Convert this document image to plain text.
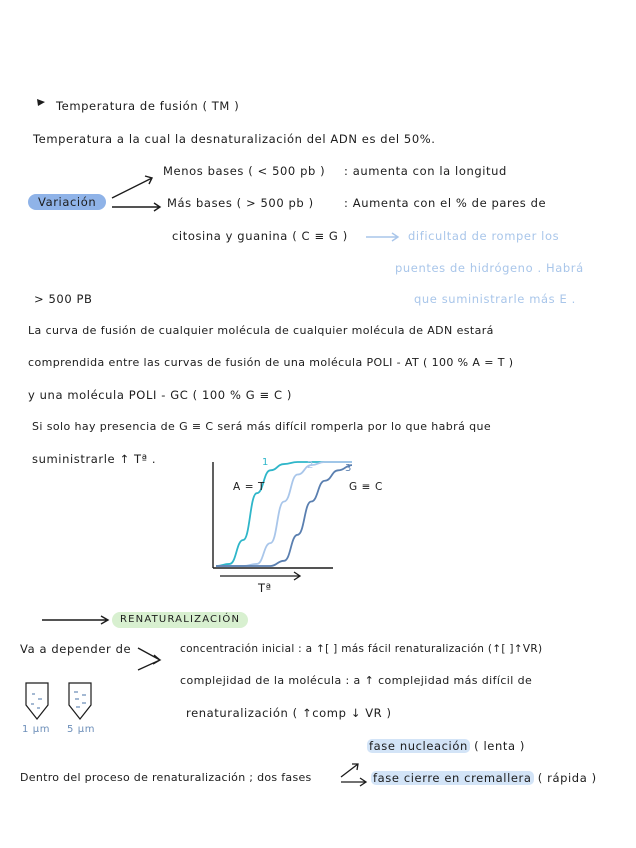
Temperatura de fusión ( TM )
Temperatura a la cual la desnaturalización del ADN es del 50%.
Menos bases ( < 500 pb ) : aumenta con la longitud
Variación	Más bases ( > 500 pb )	: Aumenta con el % de pares de
citosina y guanina ( C ≡ G )	dificultad de romper los
puentes de hidrógeno . Habrá
que suministrarle más E .
> 500 PB
La curva de fusión de cualquier molécula de cualquier molécula de ADN estará
comprendida entre las curvas de fusión de una molécula POLI - AT ( 100 % A = T )
y una molécula POLI - GC ( 100 % G ≡ C )
Si solo hay presencia de G ≡ C será más difícil romperla por lo que habrá que
suministrarle ↑ Tª .
Tª
A = T	G ≡ C
1	2	3
RENATURALIZACIÓN
Va a depender de	concentración inicial : a ↑[ ] más fácil renaturalización (↑[ ]↑VR)
complejidad de la molécula : a ↑ complejidad más difícil de
renaturalización ( ↑comp ↓ VR )
1 μm 5 μm
fase nucleación ( lenta )
Dentro del proceso de renaturalización ; dos fases	fase cierre en cremallera ( rápida )
